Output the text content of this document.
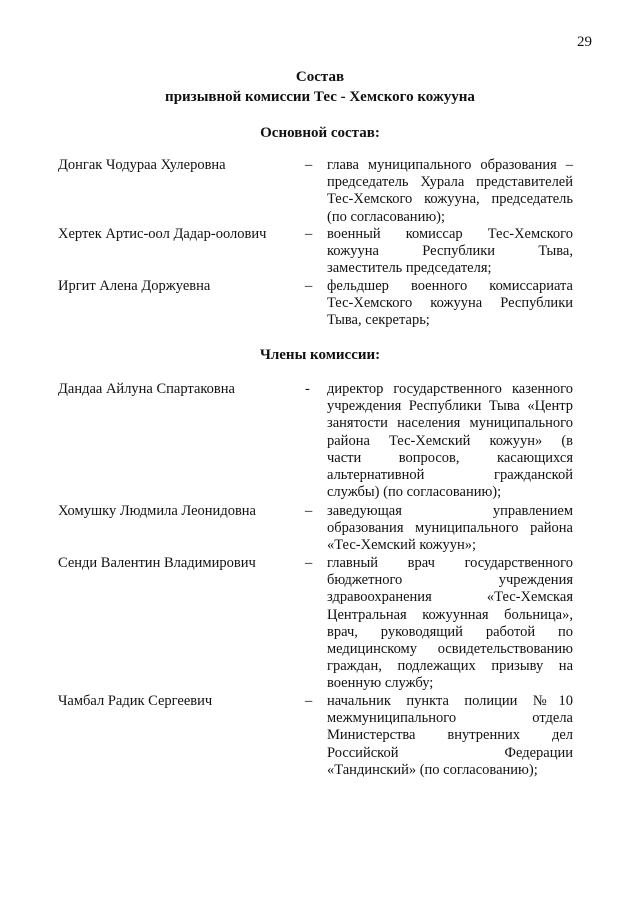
29
Состав
призывной комиссии Тес - Хемского кожууна
Основной состав:
Донгак Чодураа Хулеровна	– глава муниципального образования –
председатель Хурала представителей
Тес-Хемского кожууна, председатель
(по согласованию);
Хертек Артис-оол Дадар-оолович	– военный комиссар Тес-Хемского
кожууна Республики Тыва,
заместитель председателя;
Иргит Алена Доржуевна	– фельдшер военного комиссариата
Тес-Хемского кожууна Республики
Тыва, секретарь;
Члены комиссии:
Дандаа Айлуна Спартаковна	- директор государственного казенного
учреждения Республики Тыва «Центр
занятости населения муниципального
района Тес-Хемский кожуун» (в
части вопросов, касающихся
альтернативной гражданской
службы) (по согласованию);
Хомушку Людмила Леонидовна	– заведующая управлением
образования муниципального района
«Тес-Хемский кожуун»;
Сенди Валентин Владимирович	– главный врач государственного
бюджетного учреждения
здравоохранения «Тес-Хемская
Центральная кожуунная больница»,
врач, руководящий работой по
медицинскому освидетельствованию
граждан, подлежащих призыву на
военную службу;
Чамбал Радик Сергеевич	– начальник пункта полиции №10
межмуниципального отдела
Министерства внутренних дел
Российской Федерации
«Тандинский» (по согласованию);
